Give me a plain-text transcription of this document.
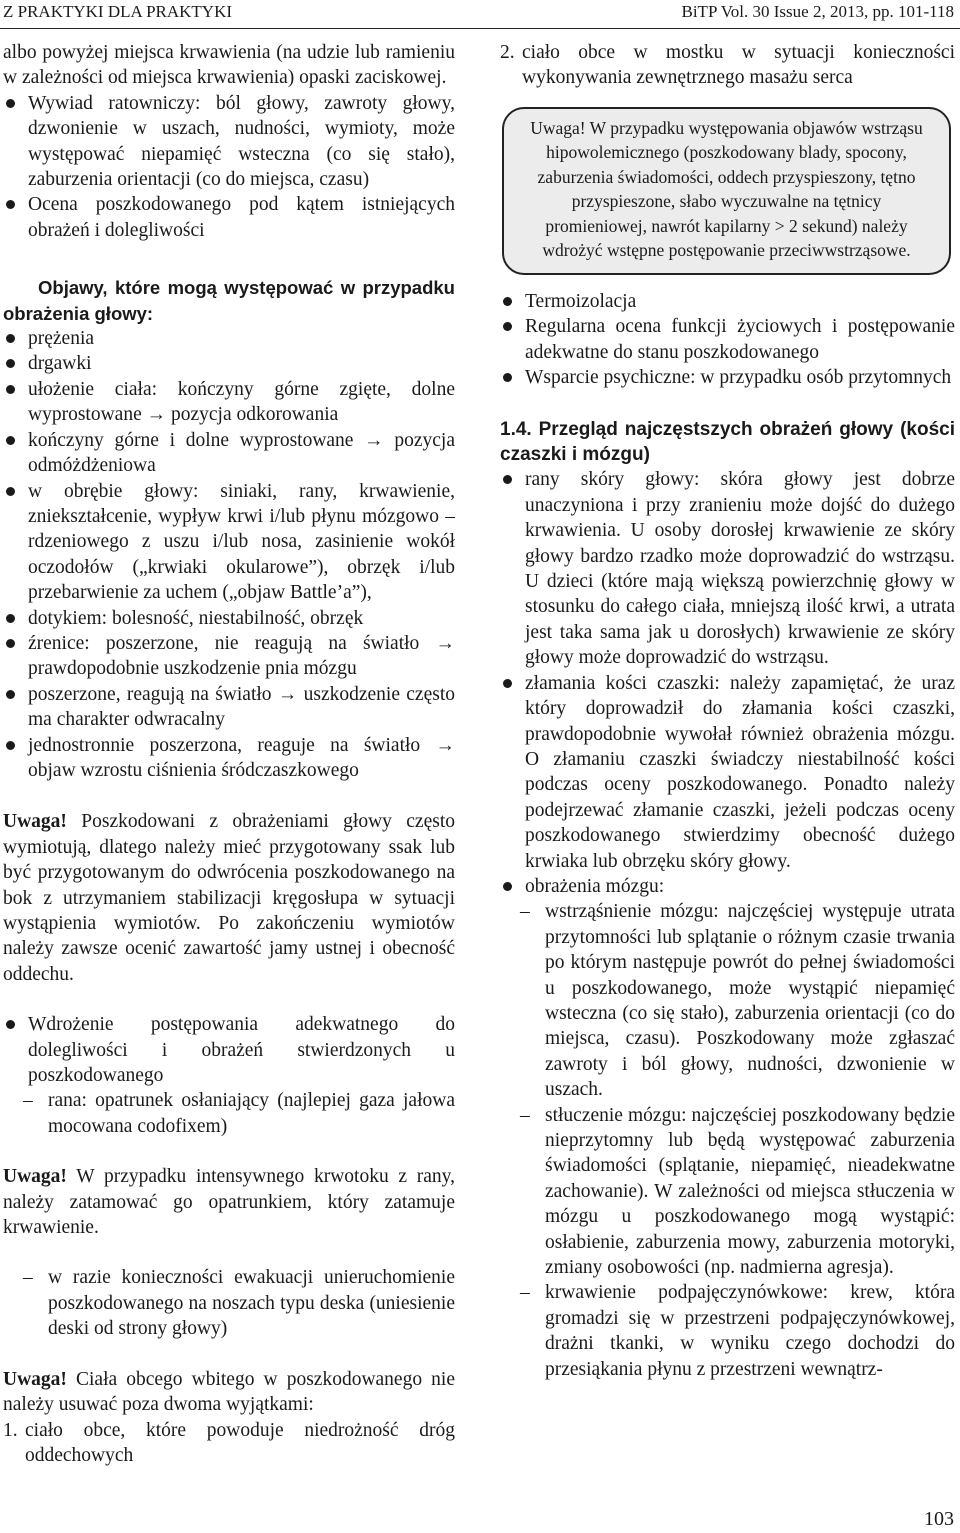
Z PRAKTYKI DLA PRAKTYKI	BiTP Vol. 30 Issue 2, 2013, pp. 101-118

albo powyżej miejsca krwawienia (na udzie lub ramieniu w zależności od miejsca krwawienia) opaski zaciskowej.

Wywiad ratowniczy: ból głowy, zawroty głowy, dzwonienie w uszach, nudności, wymioty, może występować niepamięć wsteczna (co się stało), zaburzenia orientacji (co do miejsca, czasu)
Ocena poszkodowanego pod kątem istniejących obrażeń i dolegliwości

Objawy, które mogą występować w przypadku obrażenia głowy:

prężenia
drgawki
ułożenie ciała: kończyny górne zgięte, dolne wyprostowane → pozycja odkorowania
kończyny górne i dolne wyprostowane → pozycja odmóżdżeniowa
w obrębie głowy: siniaki, rany, krwawienie, zniekształcenie, wypływ krwi i/lub płynu mózgowo – rdzeniowego z uszu i/lub nosa, zasinienie wokół oczodołów („krwiaki okularowe”), obrzęk i/lub przebarwienie za uchem („objaw Battle’a”),
dotykiem: bolesność, niestabilność, obrzęk
źrenice: poszerzone, nie reagują na światło → prawdopodobnie uszkodzenie pnia mózgu
poszerzone, reagują na światło → uszkodzenie często ma charakter odwracalny
jednostronnie poszerzona, reaguje na światło → objaw wzrostu ciśnienia śródczaszkowego

Uwaga! Poszkodowani z obrażeniami głowy często wymiotują, dlatego należy mieć przygotowany ssak lub być przygotowanym do odwrócenia poszkodowanego na bok z utrzymaniem stabilizacji kręgosłupa w sytuacji wystąpienia wymiotów. Po zakończeniu wymiotów należy zawsze ocenić zawartość jamy ustnej i obecność oddechu.

Wdrożenie postępowania adekwatnego do dolegliwości i obrażeń stwierdzonych u poszkodowanego
– rana: opatrunek osłaniający (najlepiej gaza jałowa mocowana codofixem)

Uwaga! W przypadku intensywnego krwotoku z rany, należy zatamować go opatrunkiem, który zatamuje krwawienie.

– w razie konieczności ewakuacji unieruchomienie poszkodowanego na noszach typu deska (uniesienie deski od strony głowy)

Uwaga! Ciała obcego wbitego w poszkodowanego nie należy usuwać poza dwoma wyjątkami:

1. ciało obce, które powoduje niedrożność dróg oddechowych
2. ciało obce w mostku w sytuacji konieczności wykonywania zewnętrznego masażu serca
Uwaga! W przypadku występowania objawów wstrząsu hipowolemicznego (poszkodowany blady, spocony, zaburzenia świadomości, oddech przyspieszony, tętno przyspieszone, słabo wyczuwalne na tętnicy promieniowej, nawrót kapilarny > 2 sekund) należy wdrożyć wstępne postępowanie przeciwwstrząsowe.
Termoizolacja
Regularna ocena funkcji życiowych i postępowanie adekwatne do stanu poszkodowanego
Wsparcie psychiczne: w przypadku osób przytomnych

1.4. Przegląd najczęstszych obrażeń głowy (kości czaszki i mózgu)

rany skóry głowy: skóra głowy jest dobrze unaczyniona i przy zranieniu może dojść do dużego krwawienia. U osoby dorosłej krwawienie ze skóry głowy bardzo rzadko może doprowadzić do wstrząsu. U dzieci (które mają większą powierzchnię głowy w stosunku do całego ciała, mniejszą ilość krwi, a utrata jest taka sama jak u dorosłych) krwawienie ze skóry głowy może doprowadzić do wstrząsu.
złamania kości czaszki: należy zapamiętać, że uraz który doprowadził do złamania kości czaszki, prawdopodobnie wywołał również obrażenia mózgu. O złamaniu czaszki świadczy niestabilność kości podczas oceny poszkodowanego. Ponadto należy podejrzewać złamanie czaszki, jeżeli podczas oceny poszkodowanego stwierdzimy obecność dużego krwiaka lub obrzęku skóry głowy.
obrażenia mózgu:
– wstrząśnienie mózgu: najczęściej występuje utrata przytomności lub splątanie o różnym czasie trwania po którym następuje powrót do pełnej świadomości u poszkodowanego, może wystąpić niepamięć wsteczna (co się stało), zaburzenia orientacji (co do miejsca, czasu). Poszkodowany może zgłaszać zawroty i ból głowy, nudności, dzwonienie w uszach.
– stłuczenie mózgu: najczęściej poszkodowany będzie nieprzytomny lub będą występować zaburzenia świadomości (splątanie, niepamięć, nieadekwatne zachowanie). W zależności od miejsca stłuczenia w mózgu u poszkodowanego mogą wystąpić: osłabienie, zaburzenia mowy, zaburzenia motoryki, zmiany osobowości (np. nadmierna agresja).
– krwawienie podpajęczynówkowe: krew, która gromadzi się w przestrzeni podpajęczynówkowej, drażni tkanki, w wyniku czego dochodzi do przesiąkania płynu z przestrzeni wewnątrz-
103
